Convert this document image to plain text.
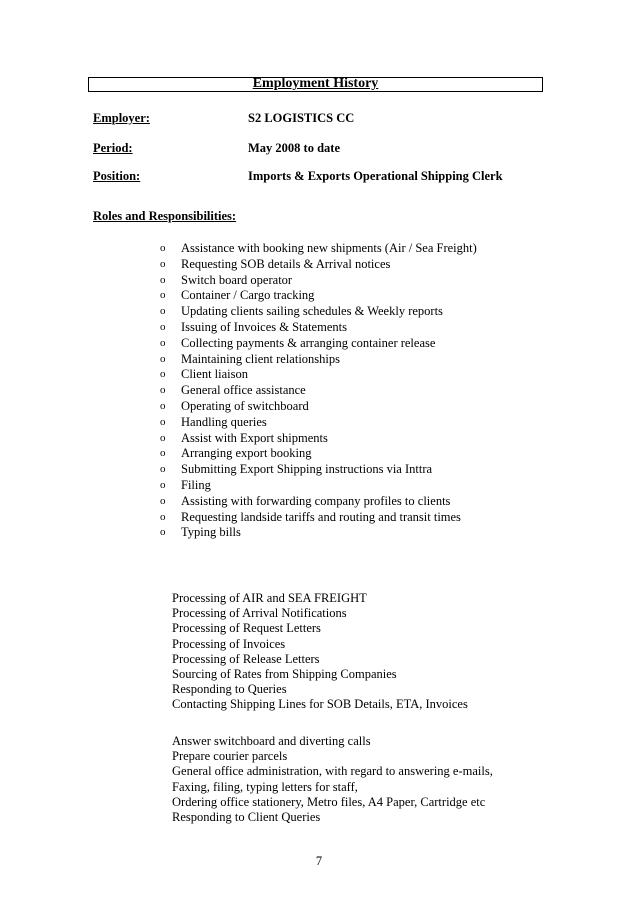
Employment History
Employer:	S2 LOGISTICS CC
Period:	May 2008 to date
Position:	Imports & Exports Operational Shipping Clerk
Roles and Responsibilities:
o Assistance with booking new shipments (Air / Sea Freight)
o Requesting SOB details & Arrival notices
o Switch board operator
o Container / Cargo tracking
o Updating clients sailing schedules & Weekly reports
o Issuing of Invoices & Statements
o Collecting payments & arranging container release
o Maintaining client relationships
o Client liaison
o General office assistance
o Operating of switchboard
o Handling queries
o Assist with Export shipments
o Arranging export booking
o Submitting Export Shipping instructions via Inttra
o Filing
o Assisting with forwarding company profiles to clients
o Requesting landside tariffs and routing and transit times
o Typing bills
Processing of AIR and SEA FREIGHT
Processing of Arrival Notifications
Processing of Request Letters
Processing of Invoices
Processing of Release Letters
Sourcing of Rates from Shipping Companies
Responding to Queries
Contacting Shipping Lines for SOB Details, ETA, Invoices
Answer switchboard and diverting calls
Prepare courier parcels
General office administration, with regard to answering e-mails,
Faxing, filing, typing letters for staff,
Ordering office stationery, Metro files, A4 Paper, Cartridge etc
Responding to Client Queries
7
